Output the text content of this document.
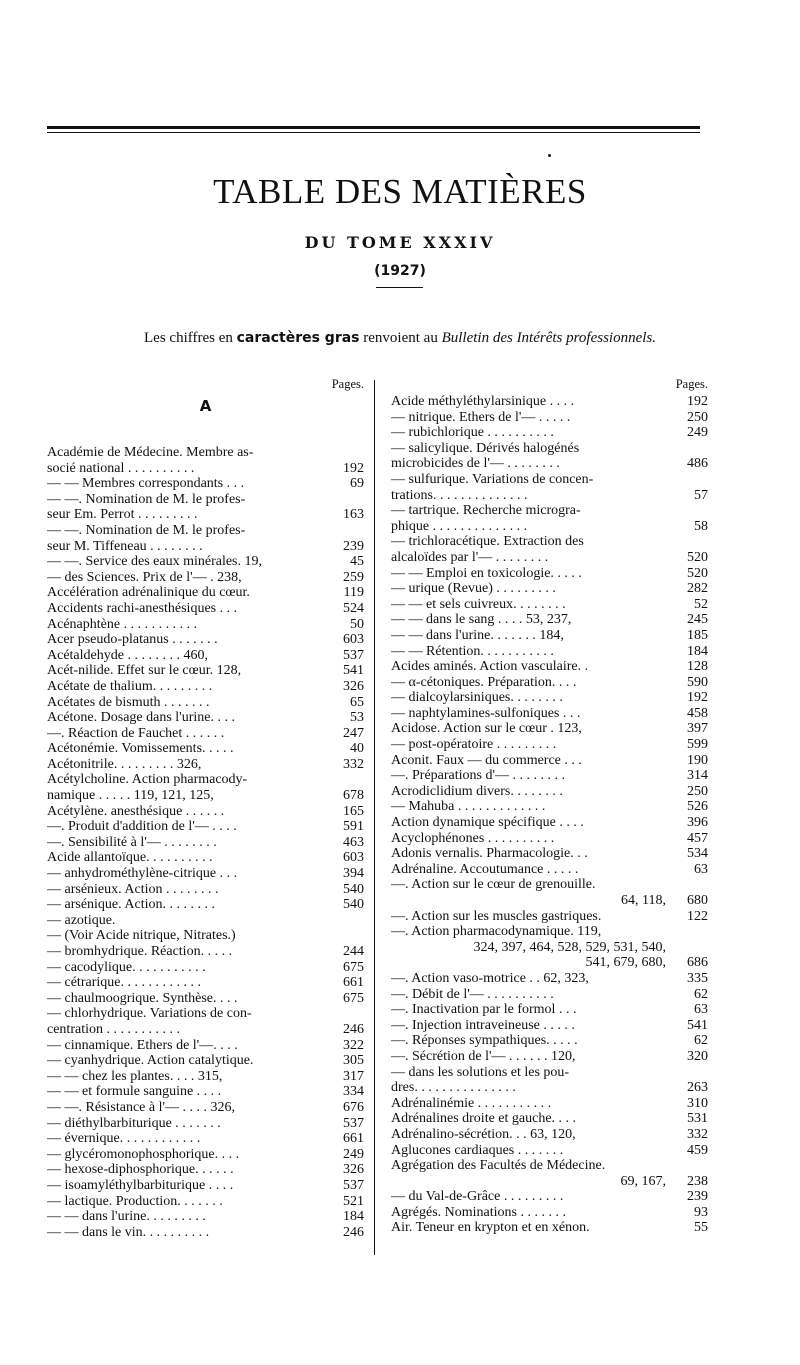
TABLE DES MATIÈRES
DU TOME XXXIV
(1927)
Les chiffres en caractères gras renvoient au Bulletin des Intérêts professionnels.
Pages.
A
Académie de Médecine. Membre as-
socié national . . . . . . . . . .	192
— — Membres correspondants . . .	69
— —. Nomination de M. le profes-
seur Em. Perrot . . . . . . . . .	163
— —. Nomination de M. le profes-
seur M. Tiffeneau . . . . . . . .	239
— —. Service des eaux minérales. 19,	45
— des Sciences. Prix de l'— . 238,	259
Accélération adrénalinique du cœur.	119
Accidents rachi-anesthésiques . . .	524
Acénaphtène . . . . . . . . . . .	50
Acer pseudo-platanus . . . . . . .	603
Acétaldehyde . . . . . . . . 460,	537
Acét-nilide. Effet sur le cœur. 128,	541
Acétate de thalium. . . . . . . . .	326
Acétates de bismuth . . . . . . .	65
Acétone. Dosage dans l'urine. . . .	53
—. Réaction de Fauchet . . . . . .	247
Acétonémie. Vomissements. . . . .	40
Acétonitrile. . . . . . . . . 326,	332
Acétylcholine. Action pharmacody-
namique . . . . . 119, 121, 125,	678
Acétylène. anesthésique . . . . . .	165
—. Produit d'addition de l'— . . . .	591
—. Sensibilité à l'— . . . . . . . .	463
Acide allantoïque. . . . . . . . . .	603
— anhydrométhylène-citrique . . .	394
— arsénieux. Action . . . . . . . .	540
— arsénique. Action. . . . . . . .	540
— azotique.
— (Voir Acide nitrique, Nitrates.)
— bromhydrique. Réaction. . . . .	244
— cacodylique. . . . . . . . . . .	675
— cétrarique. . . . . . . . . . . .	661
— chaulmoogrique. Synthèse. . . .	675
— chlorhydrique. Variations de con-
centration . . . . . . . . . . .	246
— cinnamique. Ethers de l'—. . . .	322
— cyanhydrique. Action catalytique.	305
— — chez les plantes. . . . 315,	317
— — et formule sanguine . . . .	334
— —. Résistance à l'— . . . . 326,	676
— diéthylbarbiturique . . . . . . .	537
— évernique. . . . . . . . . . . .	661
— glycéromonophosphorique. . . .	249
— hexose-diphosphorique. . . . . .	326
— isoamyléthylbarbiturique . . . .	537
— lactique. Production. . . . . . .	521
— — dans l'urine. . . . . . . . .	184
— — dans le vin. . . . . . . . . .	246
Pages.
Acide méthyléthylarsinique . . . .	192
— nitrique. Ethers de l'— . . . . .	250
— rubichlorique . . . . . . . . . .	249
— salicylique. Dérivés halogénés
microbicides de l'— . . . . . . . .	486
— sulfurique. Variations de concen-
trations. . . . . . . . . . . . . .	57
— tartrique. Recherche microgra-
phique . . . . . . . . . . . . . .	58
— trichloracétique. Extraction des
alcaloïdes par l'— . . . . . . . .	520
— — Emploi en toxicologie. . . . .	520
— urique (Revue) . . . . . . . . .	282
— — et sels cuivreux. . . . . . . .	52
— — dans le sang . . . . 53, 237,	245
— — dans l'urine. . . . . . . 184,	185
— — Rétention. . . . . . . . . . .	184
Acides aminés. Action vasculaire. .	128
— α-cétoniques. Préparation. . . .	590
— dialcoylarsiniques. . . . . . . .	192
— naphtylamines-sulfoniques . . .	458
Acidose. Action sur le cœur . 123,	397
— post-opératoire . . . . . . . . .	599
Aconit. Faux — du commerce . . .	190
—. Préparations d'— . . . . . . . .	314
Acrodiclidium divers. . . . . . . .	250
— Mahuba . . . . . . . . . . . . .	526
Action dynamique spécifique . . . .	396
Acyclophénones . . . . . . . . . .	457
Adonis vernalis. Pharmacologie. . .	534
Adrénaline. Accoutumance . . . . .	63
—. Action sur le cœur de grenouille.
64, 118,	680
—. Action sur les muscles gastriques.	122
—. Action pharmacodynamique. 119,
324, 397, 464, 528, 529, 531, 540,
541, 679, 680,	686
—. Action vaso-motrice . . 62, 323,	335
—. Débit de l'— . . . . . . . . . .	62
—. Inactivation par le formol . . .	63
—. Injection intraveineuse . . . . .	541
—. Réponses sympathiques. . . . .	62
—. Sécrétion de l'— . . . . . . 120,	320
— dans les solutions et les pou-
dres. . . . . . . . . . . . . . .	263
Adrénalinémie . . . . . . . . . . .	310
Adrénalines droite et gauche. . . .	531
Adrénalino-sécrétion. . . 63, 120,	332
Aglucones cardiaques . . . . . . .	459
Agrégation des Facultés de Médecine.
69, 167,	238
— du Val-de-Grâce . . . . . . . . .	239
Agrégés. Nominations . . . . . . .	93
Air. Teneur en krypton et en xénon.	55
